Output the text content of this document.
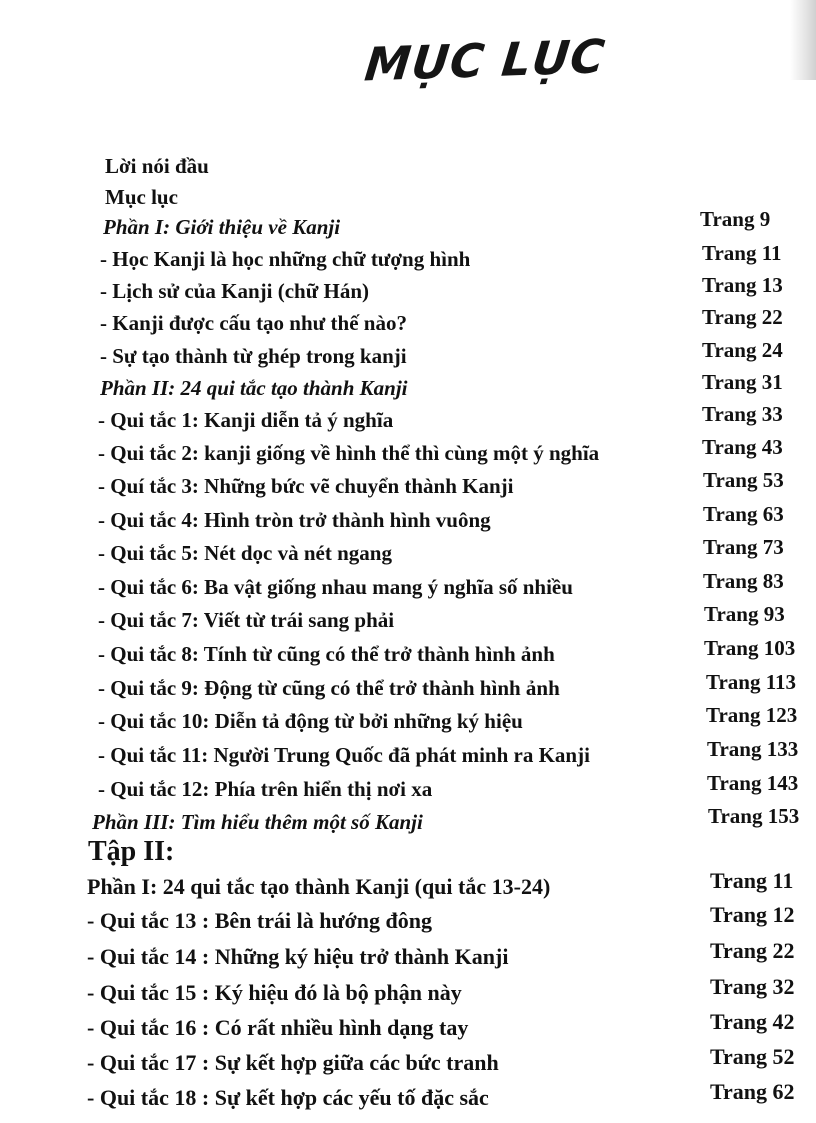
MỤC LỤC
Lời nói đầu
Mục lục
Phần I: Giới thiệu về Kanji	Trang 9
- Học Kanji là học những chữ tượng hình	Trang 11
- Lịch sử của Kanji (chữ Hán)	Trang 13
- Kanji được cấu tạo như thế nào?	Trang 22
- Sự tạo thành từ ghép trong kanji	Trang 24
Phần II: 24 qui tắc tạo thành Kanji	Trang 31
- Qui tắc 1: Kanji diễn tả ý nghĩa	Trang 33
- Qui tắc 2: kanji giống về hình thể thì cùng một ý nghĩa	Trang 43
- Quí tắc 3: Những bức vẽ chuyển thành Kanji	Trang 53
- Qui tắc 4: Hình tròn trở thành hình vuông	Trang 63
- Qui tắc 5: Nét dọc và nét ngang	Trang 73
- Qui tắc 6: Ba vật giống nhau mang ý nghĩa số nhiều	Trang 83
- Qui tắc 7: Viết từ trái sang phải	Trang 93
- Qui tắc 8: Tính từ cũng có thể trở thành hình ảnh	Trang 103
- Qui tắc 9: Động từ cũng có thể trở thành hình ảnh	Trang 113
- Qui tắc 10: Diễn tả động từ bởi những ký hiệu	Trang 123
- Qui tắc 11: Người Trung Quốc đã phát minh ra Kanji	Trang 133
- Qui tắc 12: Phía trên hiển thị nơi xa	Trang 143
Phần III: Tìm hiểu thêm một số Kanji	Trang 153
Tập II:
Phần I: 24 qui tắc tạo thành Kanji (qui tắc 13-24)	Trang 11
- Qui tắc 13 : Bên trái là hướng đông	Trang 12
- Qui tắc 14 : Những ký hiệu trở thành Kanji	Trang 22
- Qui tắc 15 : Ký hiệu đó là bộ phận này	Trang 32
- Qui tắc 16 : Có rất nhiều hình dạng tay	Trang 42
- Qui tắc 17 : Sự kết hợp giữa các bức tranh	Trang 52
- Qui tắc 18 : Sự kết hợp các yếu tố đặc sắc	Trang 62
